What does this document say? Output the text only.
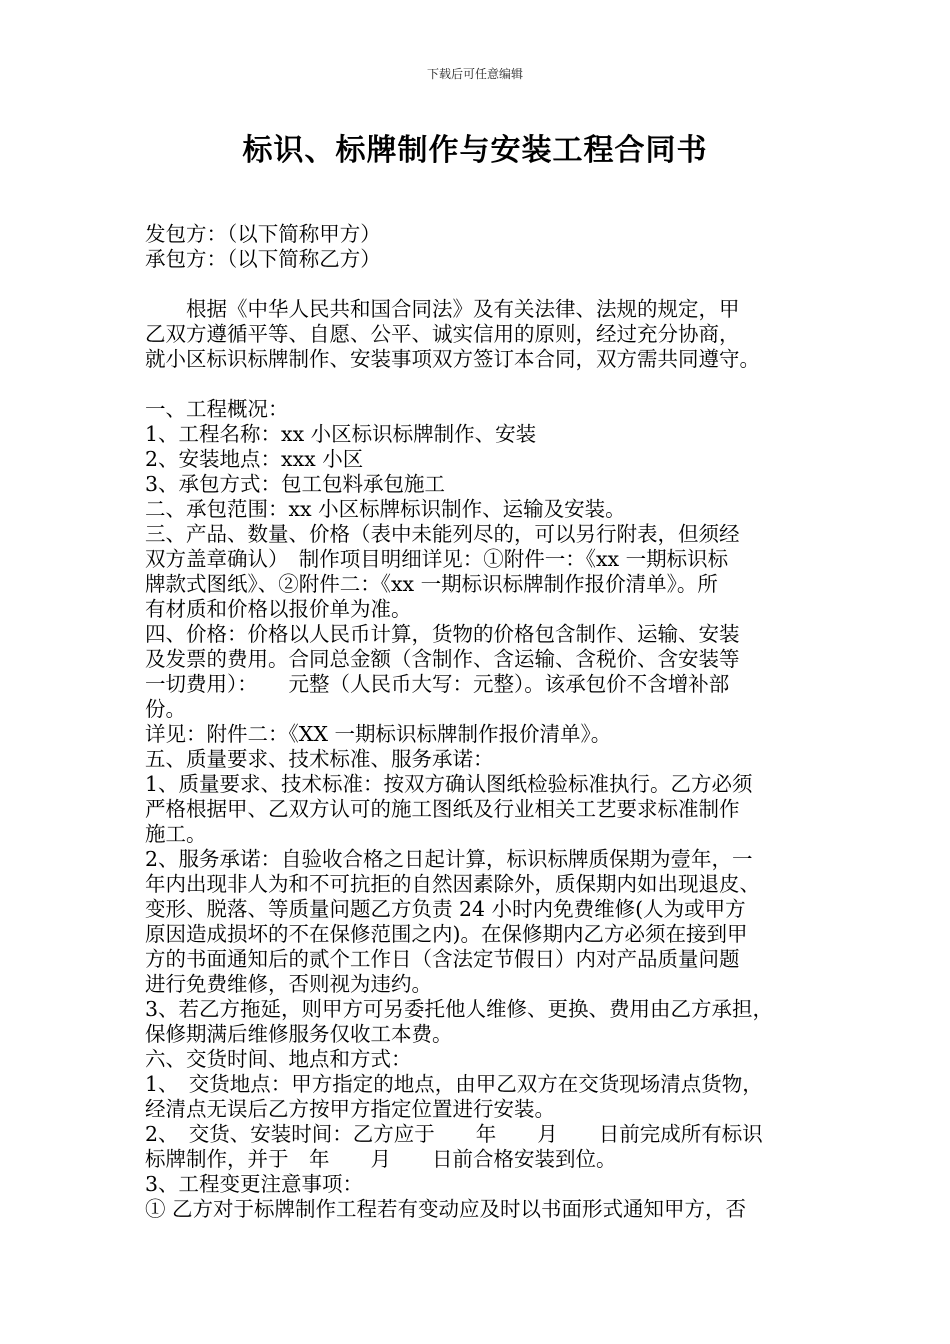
下载后可任意编辑
标识、标牌制作与安装工程合同书
发包方：（以下简称甲方）
承包方：（以下简称乙方）
　　根据《中华人民共和国合同法》及有关法律、法规的规定，甲
乙双方遵循平等、自愿、公平、诚实信用的原则，经过充分协商，
就小区标识标牌制作、安装事项双方签订本合同，双方需共同遵守。
一、工程概况：
1、工程名称：xx 小区标识标牌制作、安装
2、安装地点：xxx 小区
3、承包方式：包工包料承包施工
二、承包范围：xx 小区标牌标识制作、运输及安装。
三、产品、数量、价格（表中未能列尽的，可以另行附表，但须经
双方盖章确认）　制作项目明细详见：①附件一：《xx 一期标识标
牌款式图纸》、②附件二：《xx 一期标识标牌制作报价清单》。所
有材质和价格以报价单为准。
四、价格：价格以人民币计算，货物的价格包含制作、运输、安装
及发票的费用。合同总金额（含制作、含运输、含税价、含安装等
一切费用）：　　元整（人民币大写：元整）。该承包价不含增补部
份。
详见：附件二：《XX 一期标识标牌制作报价清单》。
五、质量要求、技术标准、服务承诺：
1、质量要求、技术标准：按双方确认图纸检验标准执行。乙方必须
严格根据甲、乙双方认可的施工图纸及行业相关工艺要求标准制作
施工。
2、服务承诺：自验收合格之日起计算，标识标牌质保期为壹年，一
年内出现非人为和不可抗拒的自然因素除外，质保期内如出现退皮、
变形、脱落、等质量问题乙方负责 24 小时内免费维修(人为或甲方
原因造成损坏的不在保修范围之内)。在保修期内乙方必须在接到甲
方的书面通知后的贰个工作日（含法定节假日）内对产品质量问题
进行免费维修，否则视为违约。
3、若乙方拖延，则甲方可另委托他人维修、更换、费用由乙方承担，
保修期满后维修服务仅收工本费。
六、交货时间、地点和方式：
1、　交货地点：甲方指定的地点，由甲乙双方在交货现场清点货物，
经清点无误后乙方按甲方指定位置进行安装。
2、　交货、安装时间：乙方应于　　年　　月　　日前完成所有标识
标牌制作，并于　年　　月　　日前合格安装到位。
3、工程变更注意事项：
① 乙方对于标牌制作工程若有变动应及时以书面形式通知甲方，否
